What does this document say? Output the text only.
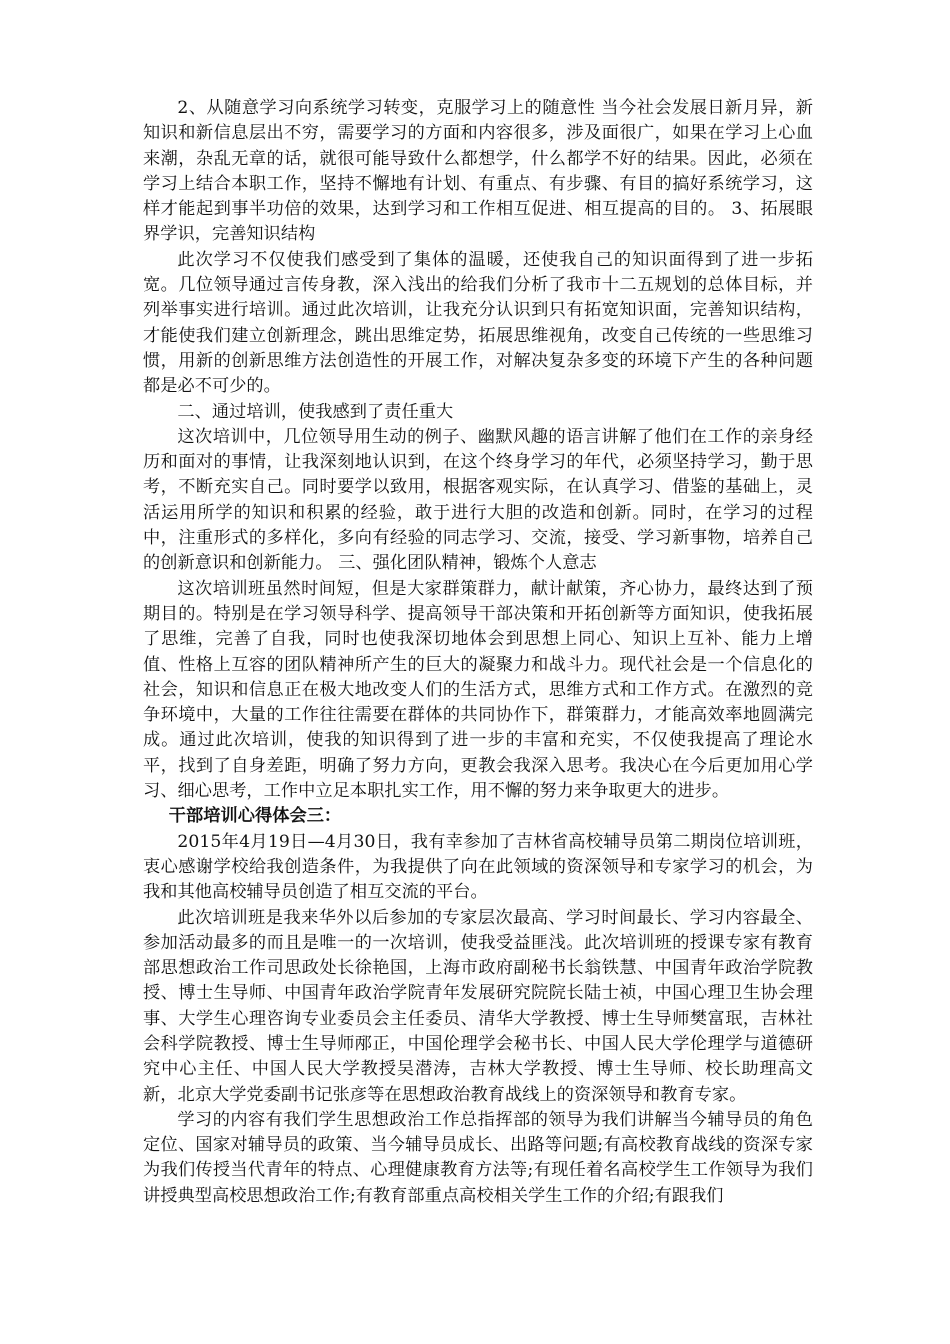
2、从随意学习向系统学习转变，克服学习上的随意性 当今社会发展日新月异，新知识和新信息层出不穷，需要学习的方面和内容很多，涉及面很广，如果在学习上心血来潮，杂乱无章的话，就很可能导致什么都想学，什么都学不好的结果。因此，必须在学习上结合本职工作，坚持不懈地有计划、有重点、有步骤、有目的搞好系统学习，这样才能起到事半功倍的效果，达到学习和工作相互促进、相互提高的目的。 3、拓展眼界学识，完善知识结构

此次学习不仅使我们感受到了集体的温暖，还使我自己的知识面得到了进一步拓宽。几位领导通过言传身教，深入浅出的给我们分析了我市十二五规划的总体目标，并列举事实进行培训。通过此次培训，让我充分认识到只有拓宽知识面，完善知识结构，才能使我们建立创新理念，跳出思维定势，拓展思维视角，改变自己传统的一些思维习惯，用新的创新思维方法创造性的开展工作，对解决复杂多变的环境下产生的各种问题都是必不可少的。

二、通过培训，使我感到了责任重大

这次培训中，几位领导用生动的例子、幽默风趣的语言讲解了他们在工作的亲身经历和面对的事情，让我深刻地认识到，在这个终身学习的年代，必须坚持学习，勤于思考，不断充实自己。同时要学以致用，根据客观实际，在认真学习、借鉴的基础上，灵活运用所学的知识和积累的经验，敢于进行大胆的改造和创新。同时，在学习的过程中，注重形式的多样化，多向有经验的同志学习、交流，接受、学习新事物，培养自己的创新意识和创新能力。 三、强化团队精神，锻炼个人意志

这次培训班虽然时间短，但是大家群策群力，献计献策，齐心协力，最终达到了预期目的。特别是在学习领导科学、提高领导干部决策和开拓创新等方面知识，使我拓展了思维，完善了自我，同时也使我深切地体会到思想上同心、知识上互补、能力上增值、性格上互容的团队精神所产生的巨大的凝聚力和战斗力。现代社会是一个信息化的社会，知识和信息正在极大地改变人们的生活方式，思维方式和工作方式。在激烈的竞争环境中，大量的工作往往需要在群体的共同协作下，群策群力，才能高效率地圆满完成。通过此次培训，使我的知识得到了进一步的丰富和充实，不仅使我提高了理论水平，找到了自身差距，明确了努力方向，更教会我深入思考。我决心在今后更加用心学习、细心思考，工作中立足本职扎实工作，用不懈的努力来争取更大的进步。

干部培训心得体会三：

2015年4月19日—4月30日，我有幸参加了吉林省高校辅导员第二期岗位培训班，衷心感谢学校给我创造条件，为我提供了向在此领域的资深领导和专家学习的机会，为我和其他高校辅导员创造了相互交流的平台。

此次培训班是我来华外以后参加的专家层次最高、学习时间最长、学习内容最全、参加活动最多的而且是唯一的一次培训，使我受益匪浅。此次培训班的授课专家有教育部思想政治工作司思政处长徐艳国，上海市政府副秘书长翁铁慧、中国青年政治学院教授、博士生导师、中国青年政治学院青年发展研究院院长陆士祯，中国心理卫生协会理事、大学生心理咨询专业委员会主任委员、清华大学教授、博士生导师樊富珉，吉林社会科学院教授、博士生导师邴正，中国伦理学会秘书长、中国人民大学伦理学与道德研究中心主任、中国人民大学教授吴潜涛，吉林大学教授、博士生导师、校长助理高文新，北京大学党委副书记张彦等在思想政治教育战线上的资深领导和教育专家。

学习的内容有我们学生思想政治工作总指挥部的领导为我们讲解当今辅导员的角色定位、国家对辅导员的政策、当今辅导员成长、出路等问题;有高校教育战线的资深专家为我们传授当代青年的特点、心理健康教育方法等;有现任着名高校学生工作领导为我们讲授典型高校思想政治工作;有教育部重点高校相关学生工作的介绍;有跟我们
